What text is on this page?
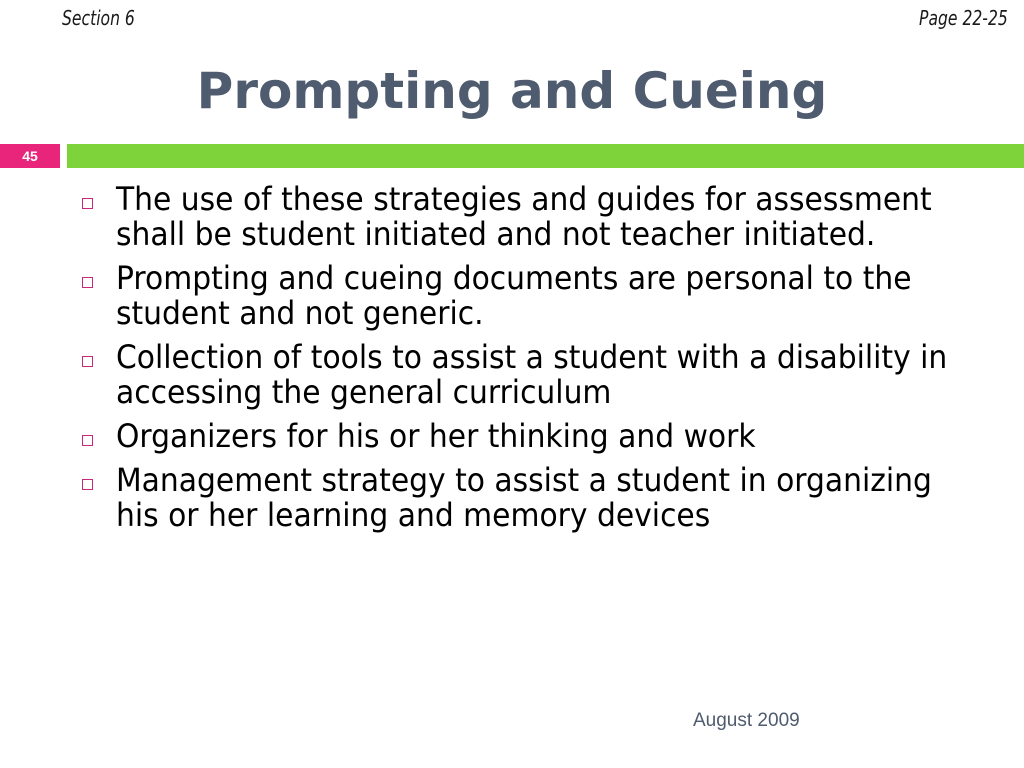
Section 6	Page 22-25
Prompting and Cueing
45
The use of these strategies and guides for assessment shall be student initiated and not teacher initiated.
Prompting and cueing documents are personal to the student and not generic.
Collection of tools to assist a student with a disability in accessing the general curriculum
Organizers for his or her thinking and work
Management strategy to assist a student in organizing his or her learning and memory devices
August 2009
